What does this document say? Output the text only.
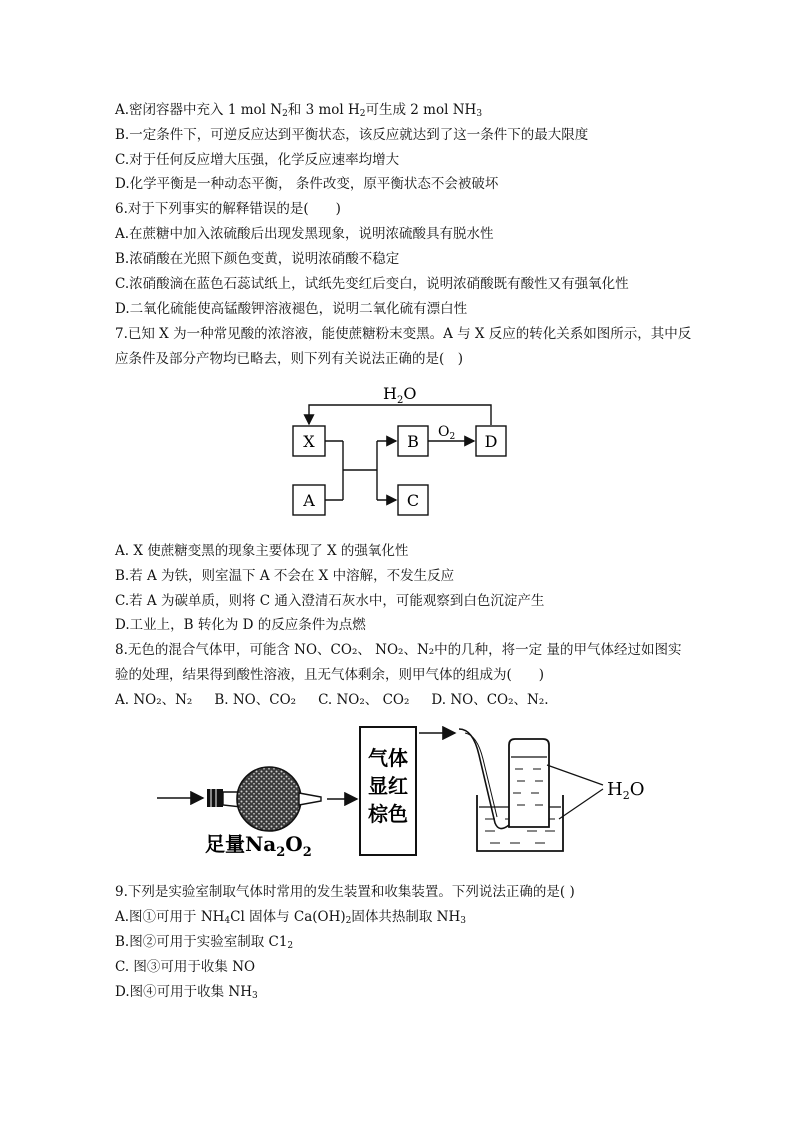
A.密闭容器中充入 1 mol $N_2$和 3 mol $H_2$可生成 2 mol $NH_3$
B.一定条件下，可逆反应达到平衡状态，该反应就达到了这一条件下的最大限度
C.对于任何反应增大压强，化学反应速率均增大
D.化学平衡是一种动态平衡， 条件改变，原平衡状态不会被破坏
6.对于下列事实的解释错误的是(　　)
A.在蔗糖中加入浓硫酸后出现发黑现象，说明浓硫酸具有脱水性
B.浓硝酸在光照下颜色变黄，说明浓硝酸不稳定
C.浓硝酸滴在蓝色石蕊试纸上，试纸先变红后变白，说明浓硝酸既有酸性又有强氧化性
D.二氧化硫能使高锰酸钾溶液褪色，说明二氧化硫有漂白性
7.已知 X 为一种常见酸的浓溶液，能使蔗糖粉末变黑。A 与 X 反应的转化关系如图所示，其中反
应条件及部分产物均已略去，则下列有关说法正确的是(　)
$H_2O$
X
A
B
C
D
$O_2$
A. X 使蔗糖变黑的现象主要体现了 X 的强氧化性
B.若 A 为铁，则室温下 A 不会在 X 中溶解，不发生反应
C.若 A 为碳单质，则将 C 通入澄清石灰水中，可能观察到白色沉淀产生
D.工业上，B 转化为 D 的反应条件为点燃
8.无色的混合气体甲，可能含 NO、CO₂、 NO₂、N₂中的几种，将一定 量的甲气体经过如图实
验的处理，结果得到酸性溶液，且无气体剩余，则甲气体的组成为(　　)
A. NO₂、N₂ B. NO、CO₂ C. NO₂、 CO₂ D. NO、CO₂、N₂.
足量$Na_2O_2$
气体
显红
棕色
$H_2O$
9.下列是实验室制取气体时常用的发生装置和收集装置。下列说法正确的是( )
A.图①可用于 $NH_4Cl$ 固体与 $Ca(OH)_2$固体共热制取 $NH_3$
B.图②可用于实验室制取 $C1_2$
C. 图③可用于收集 NO
D.图④可用于收集 $NH_3$
